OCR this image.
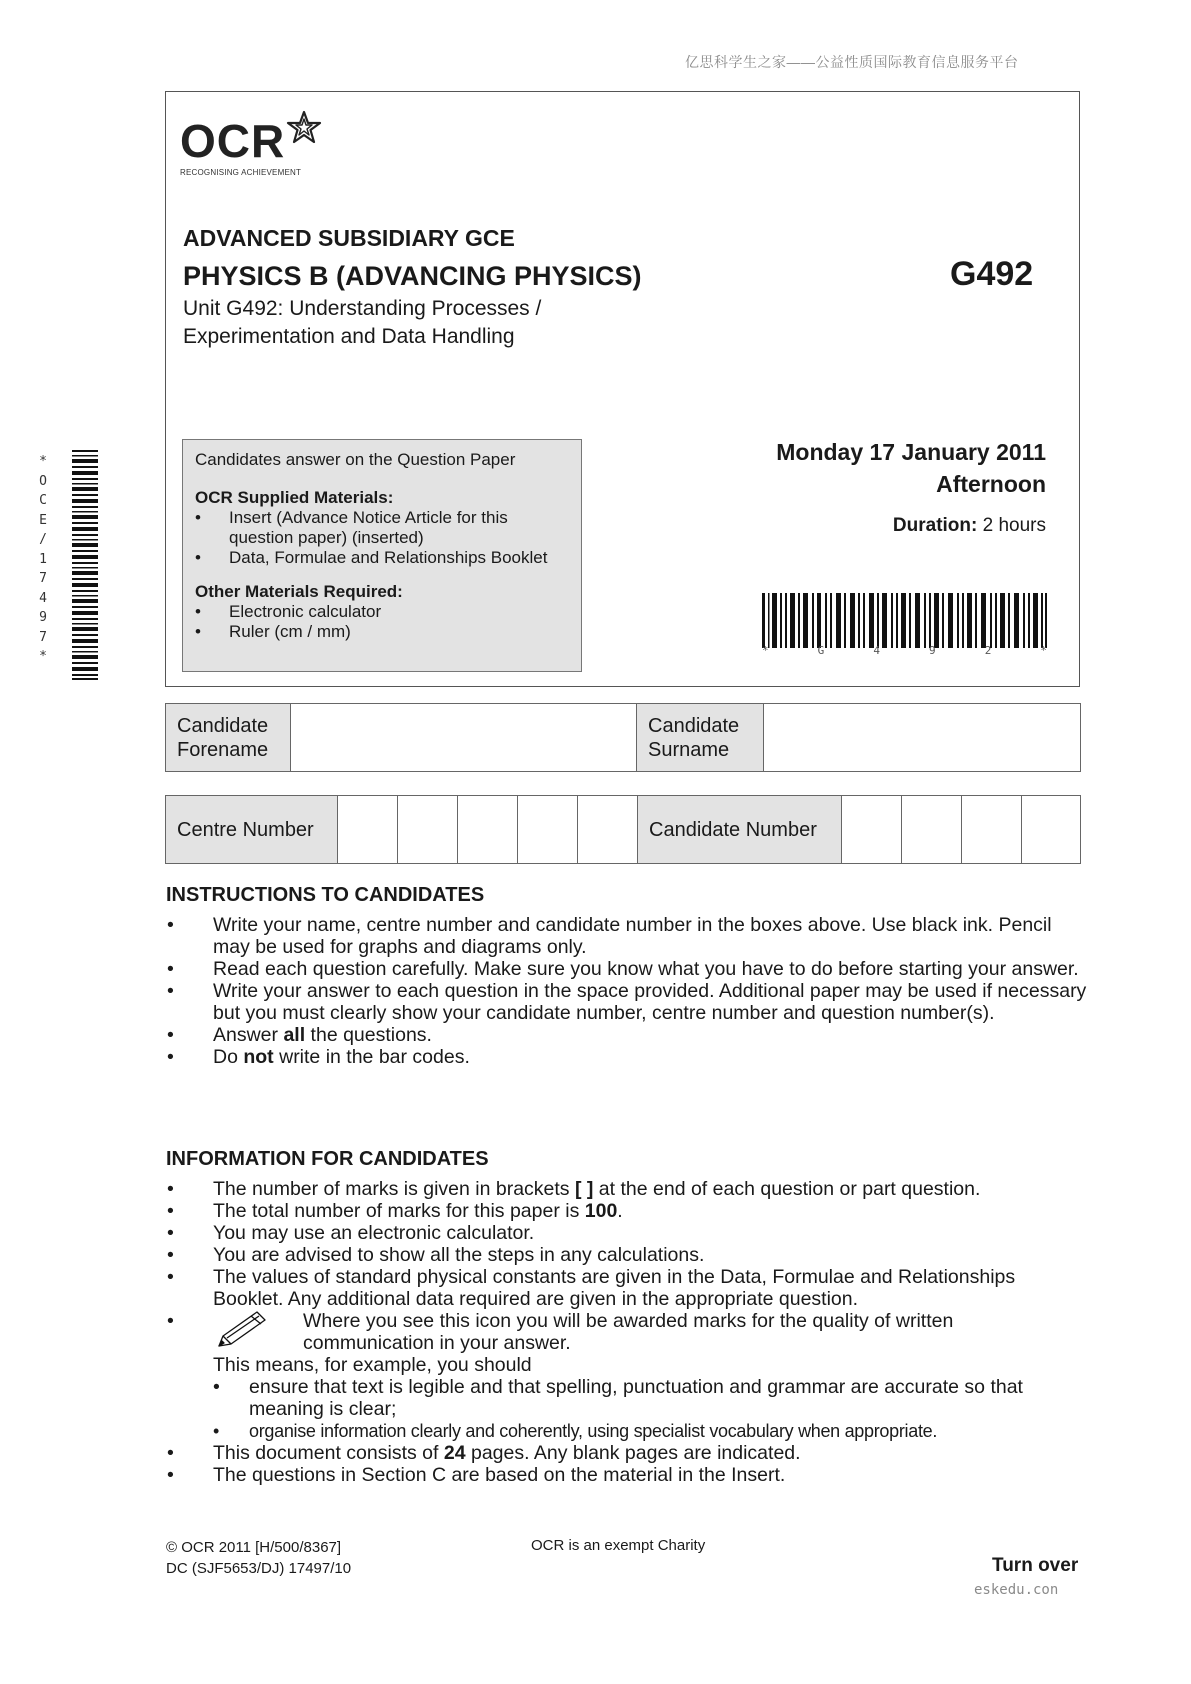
亿思科学生之家——公益性质国际教育信息服务平台
OCR
RECOGNISING ACHIEVEMENT
ADVANCED SUBSIDIARY GCE
PHYSICS B (ADVANCING PHYSICS)	G492
Unit G492: Understanding Processes /
Experimentation and Data Handling

Candidates answer on the Question Paper

OCR Supplied Materials:

• Insert (Advance Notice Article for this question paper) (inserted)
• Data, Formulae and Relationships Booklet

Other Materials Required:

• Electronic calculator
• Ruler (cm / mm)
Monday 17 January 2011
Afternoon
Duration: 2 hours
*	G	4	9	2	*
*
O
C
E
/
1
7
4
9
7
*
Candidate
Forename

Candidate
Surname

Centre Number						Candidate Number				
INSTRUCTIONS TO CANDIDATES
• Write your name, centre number and candidate number in the boxes above. Use black ink. Pencil may be used for graphs and diagrams only.
• Read each question carefully. Make sure you know what you have to do before starting your answer.
• Write your answer to each question in the space provided. Additional paper may be used if necessary but you must clearly show your candidate number, centre number and question number(s).
• Answer all the questions.
• Do not write in the bar codes.
INFORMATION FOR CANDIDATES
• The number of marks is given in brackets [ ] at the end of each question or part question.
• The total number of marks for this paper is 100.
• You may use an electronic calculator.
• You are advised to show all the steps in any calculations.
• The values of standard physical constants are given in the Data, Formulae and Relationships Booklet. Any additional data required are given in the appropriate question.
• Where you see this icon you will be awarded marks for the quality of written communication in your answer.
This means, for example, you should
• ensure that text is legible and that spelling, punctuation and grammar are accurate so that meaning is clear;
• organise information clearly and coherently, using specialist vocabulary when appropriate.
• This document consists of 24 pages. Any blank pages are indicated.
• The questions in Section C are based on the material in the Insert.
© OCR 2011 [H/500/8367]
DC (SJF5653/DJ) 17497/10
OCR is an exempt Charity
Turn over
eskedu.con
